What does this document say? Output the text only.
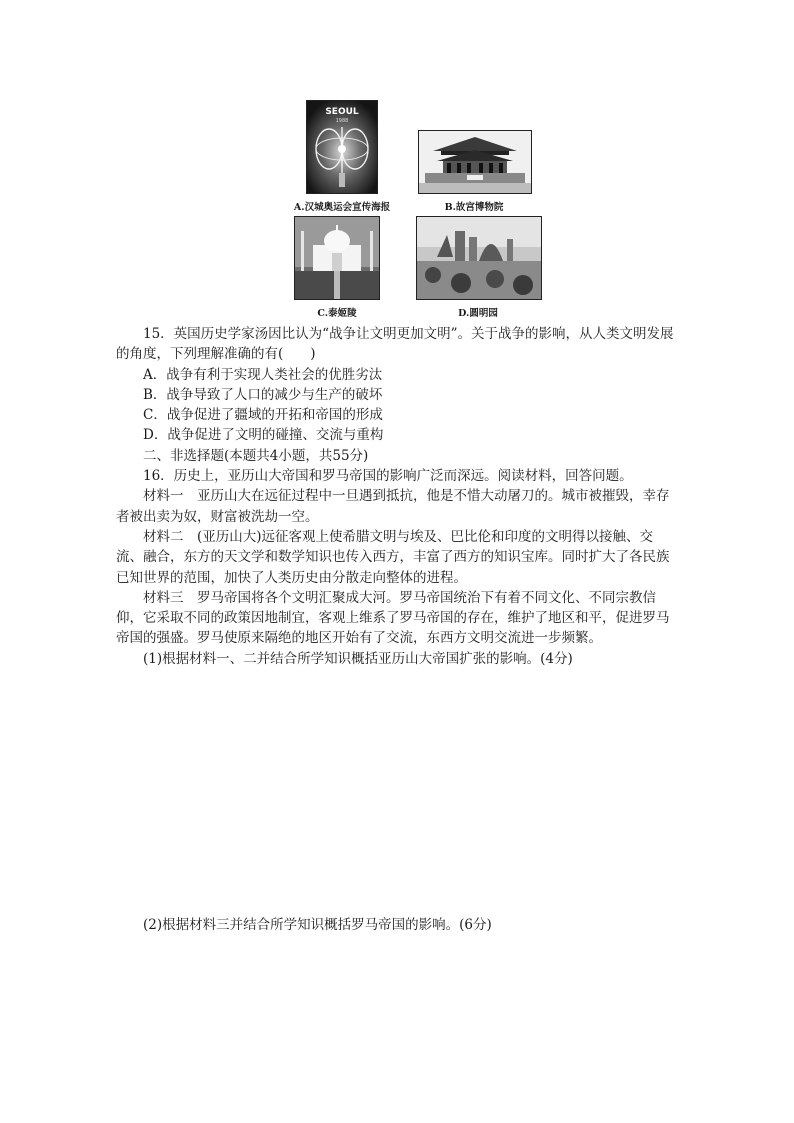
SEOUL
1988
A.汉城奥运会宣传海报	B.故宫博物院
C.泰姬陵	D.圆明园

15．英国历史学家汤因比认为“战争让文明更加文明”。关于战争的影响，从人类文明发展的角度，下列理解准确的有(　　)

A．战争有利于实现人类社会的优胜劣汰

B．战争导致了人口的减少与生产的破坏

C．战争促进了疆域的开拓和帝国的形成

D．战争促进了文明的碰撞、交流与重构

二、非选择题(本题共4小题，共55分)

16．历史上，亚历山大帝国和罗马帝国的影响广泛而深远。阅读材料，回答问题。

材料一　亚历山大在远征过程中一旦遇到抵抗，他是不惜大动屠刀的。城市被摧毁，幸存者被出卖为奴，财富被洗劫一空。

材料二　(亚历山大)远征客观上使希腊文明与埃及、巴比伦和印度的文明得以接触、交流、融合，东方的天文学和数学知识也传入西方，丰富了西方的知识宝库。同时扩大了各民族已知世界的范围，加快了人类历史由分散走向整体的进程。

材料三　罗马帝国将各个文明汇聚成大河。罗马帝国统治下有着不同文化、不同宗教信仰，它采取不同的政策因地制宜，客观上维系了罗马帝国的存在，维护了地区和平，促进罗马帝国的强盛。罗马使原来隔绝的地区开始有了交流，东西方文明交流进一步频繁。

(1)根据材料一、二并结合所学知识概括亚历山大帝国扩张的影响。(4分)

(2)根据材料三并结合所学知识概括罗马帝国的影响。(6分)
